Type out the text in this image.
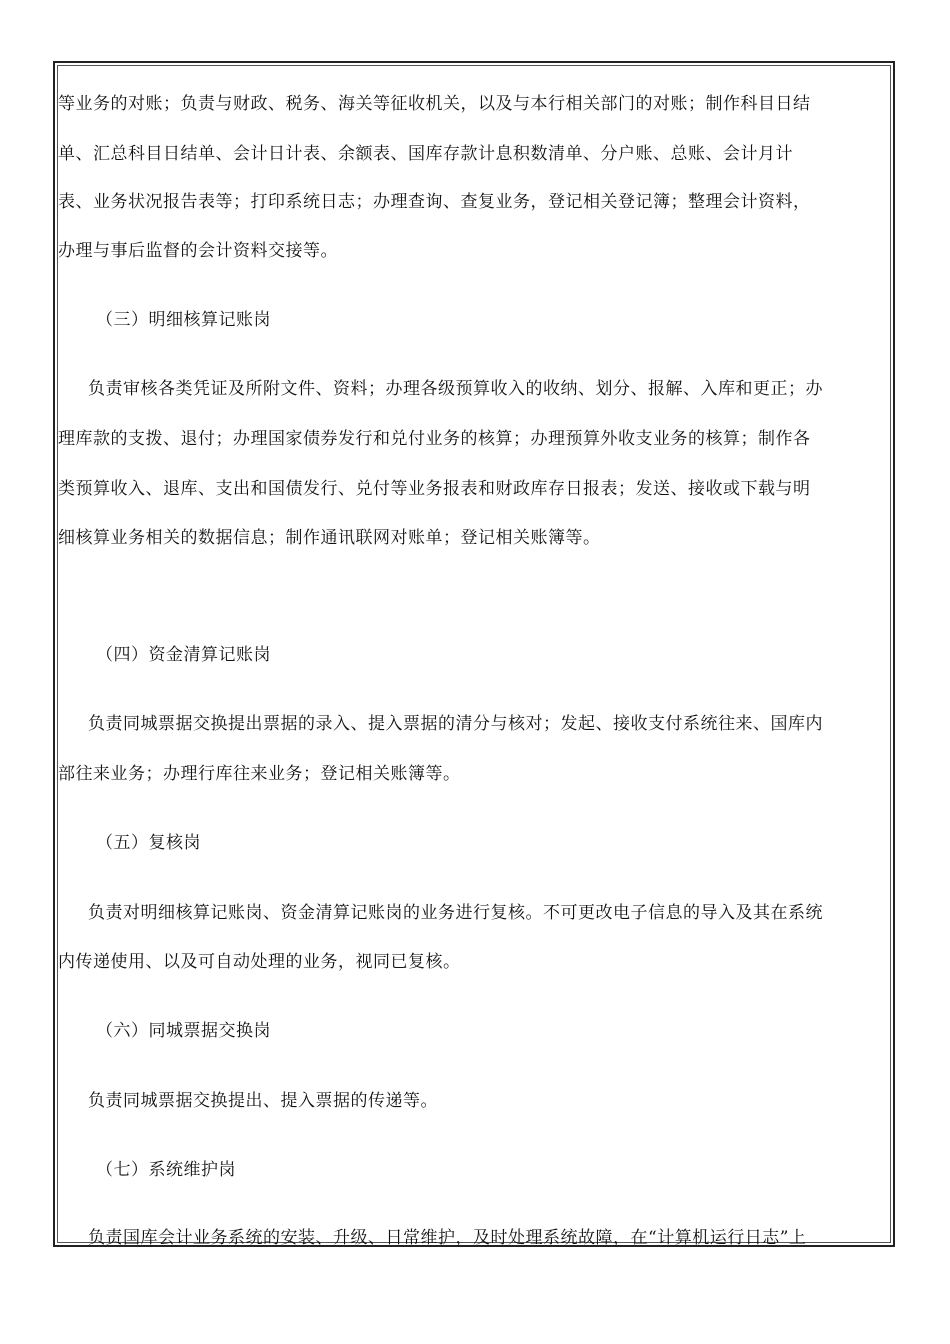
等业务的对账；负责与财政、税务、海关等征收机关，以及与本行相关部门的对账；制作科目日结
单、汇总科目日结单、会计日计表、余额表、国库存款计息积数清单、分户账、总账、会计月计
表、业务状况报告表等；打印系统日志；办理查询、查复业务，登记相关登记簿；整理会计资料，
办理与事后监督的会计资料交接等。
（三）明细核算记账岗
负责审核各类凭证及所附文件、资料；办理各级预算收入的收纳、划分、报解、入库和更正；办
理库款的支拨、退付；办理国家债券发行和兑付业务的核算；办理预算外收支业务的核算；制作各
类预算收入、退库、支出和国债发行、兑付等业务报表和财政库存日报表；发送、接收或下载与明
细核算业务相关的数据信息；制作通讯联网对账单；登记相关账簿等。
（四）资金清算记账岗
负责同城票据交换提出票据的录入、提入票据的清分与核对；发起、接收支付系统往来、国库内
部往来业务；办理行库往来业务；登记相关账簿等。
（五）复核岗
负责对明细核算记账岗、资金清算记账岗的业务进行复核。不可更改电子信息的导入及其在系统
内传递使用、以及可自动处理的业务，视同已复核。
（六）同城票据交换岗
负责同城票据交换提出、提入票据的传递等。
（七）系统维护岗
负责国库会计业务系统的安装、升级、日常维护，及时处理系统故障，在“计算机运行日志”上
